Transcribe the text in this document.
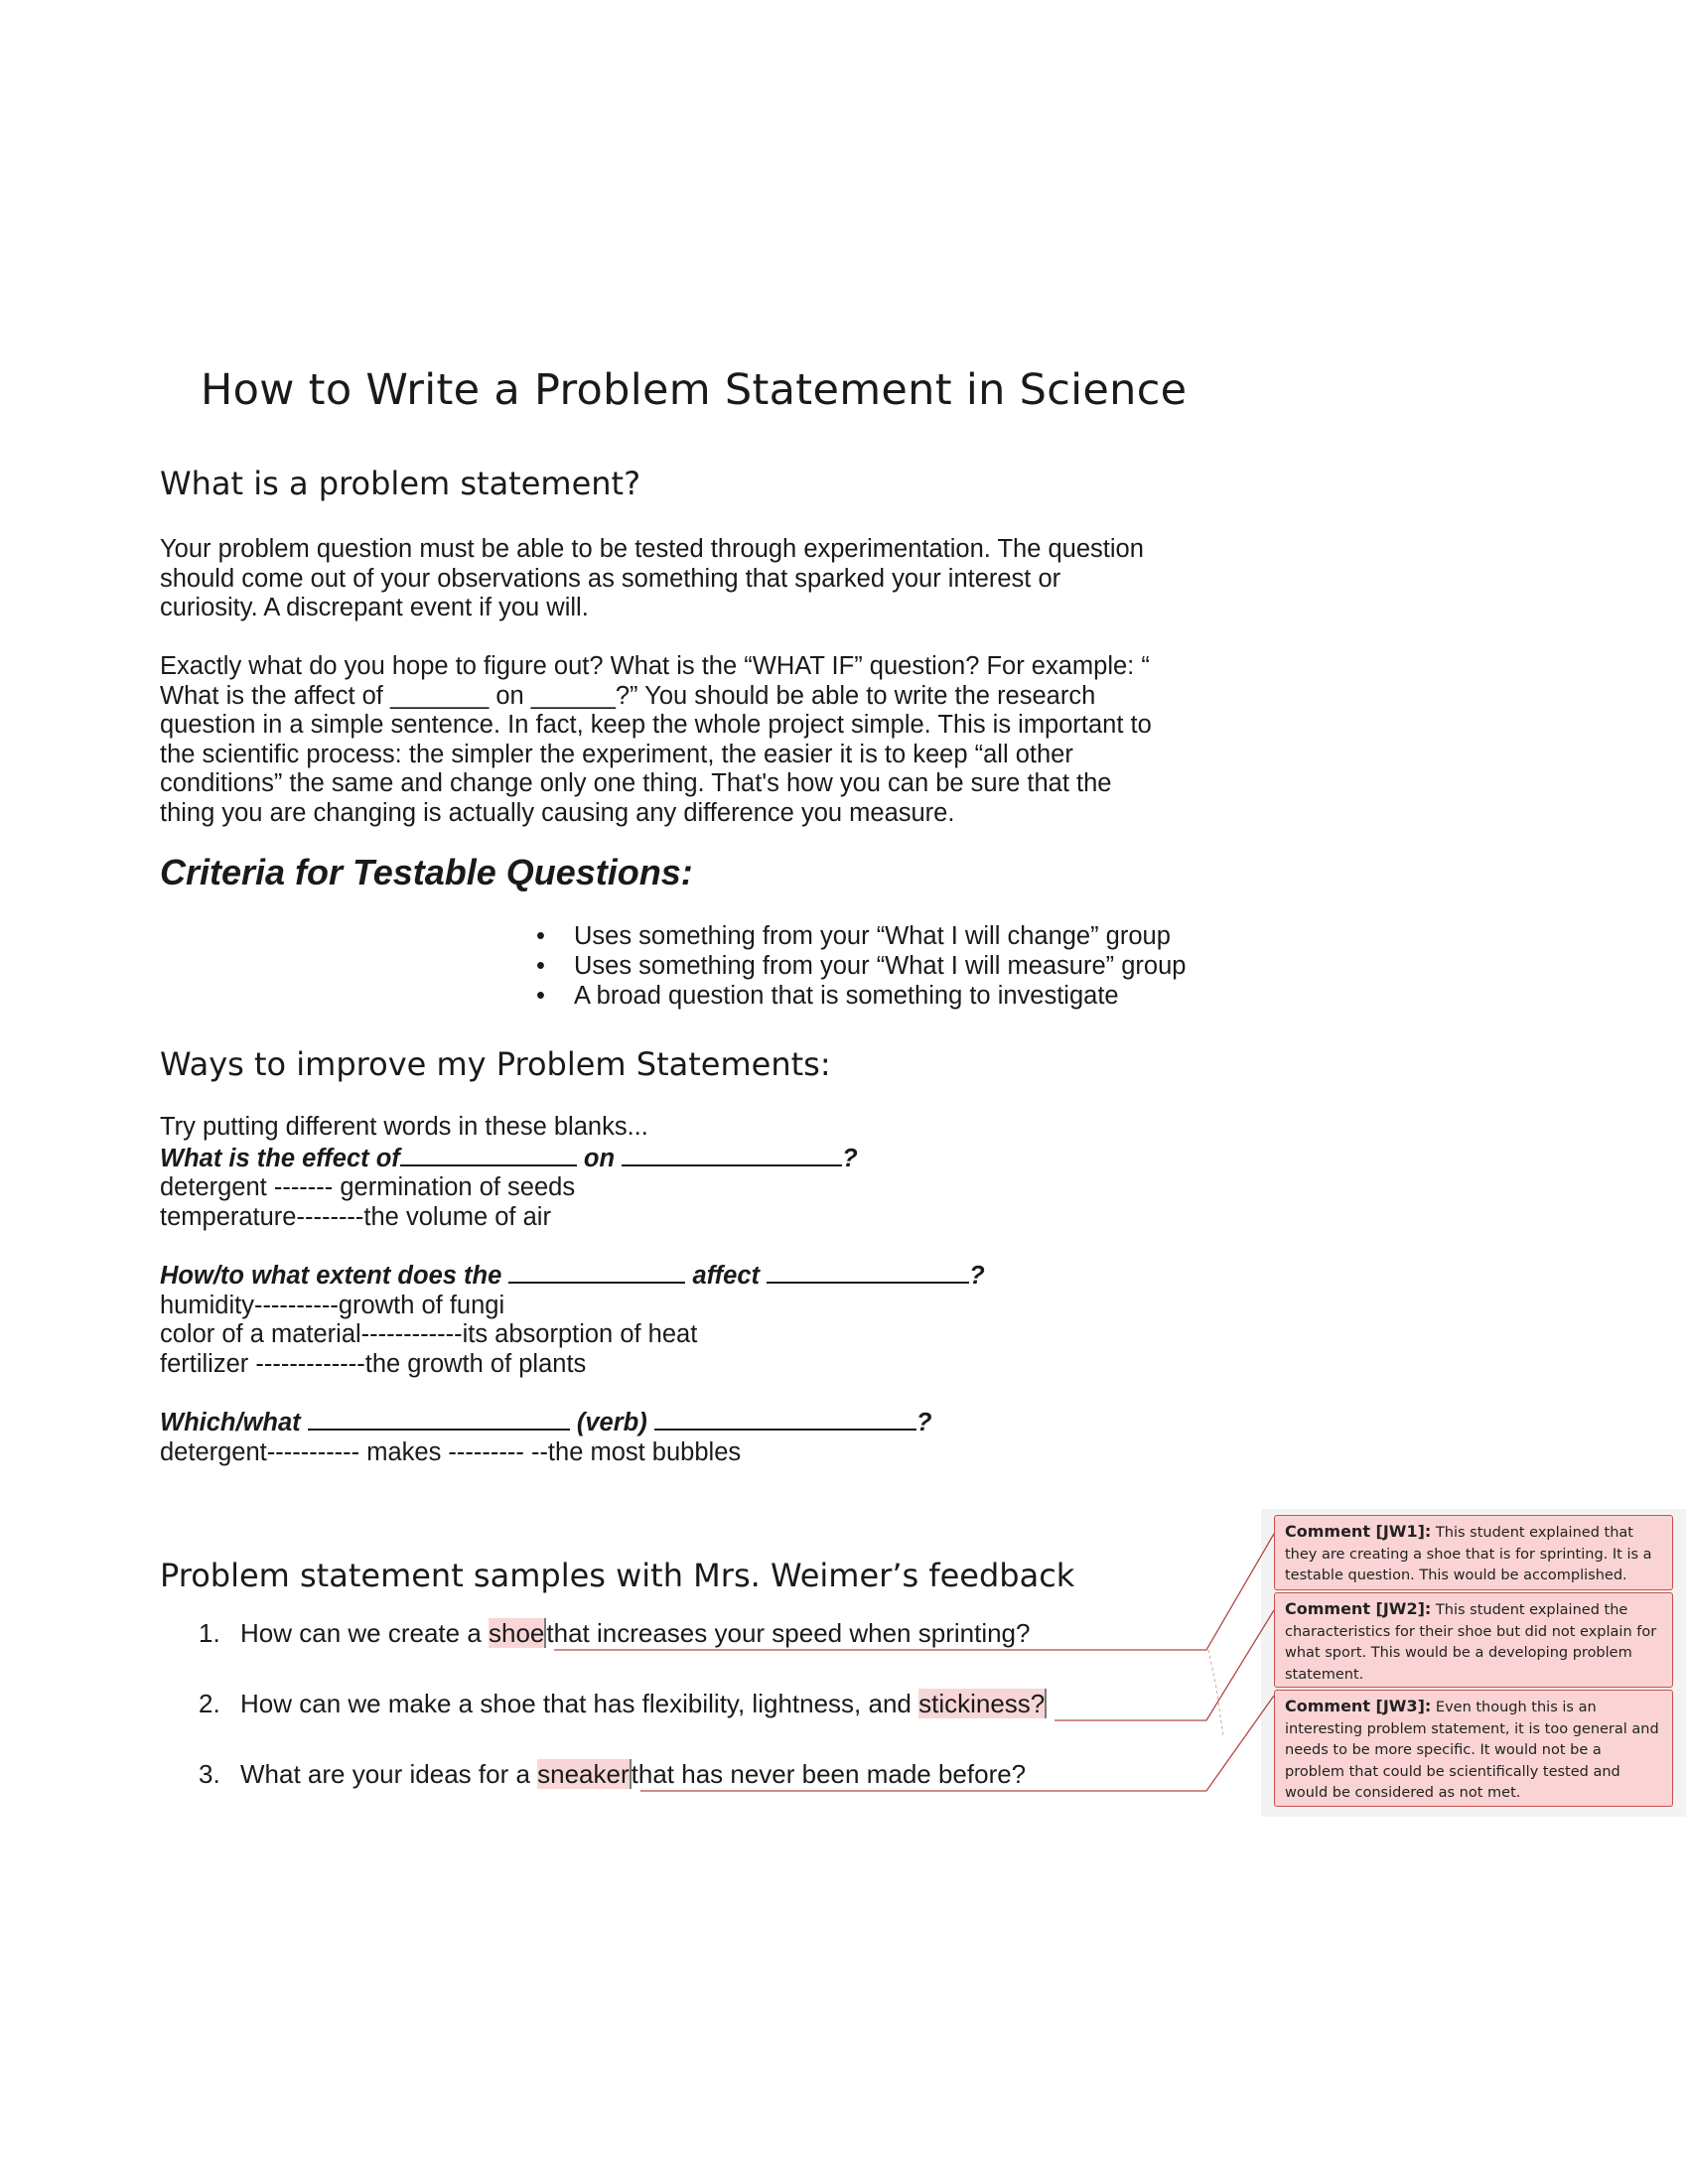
How to Write a Problem Statement in Science
What is a problem statement?

Your problem question must be able to be tested through experimentation. The question

should come out of your observations as something that sparked your interest or

curiosity. A discrepant event if you will.

Exactly what do you hope to figure out? What is the “WHAT IF” question? For example: “

What is the affect of _______ on ______?” You should be able to write the research

question in a simple sentence. In fact, keep the whole project simple. This is important to

the scientific process: the simpler the experiment, the easier it is to keep “all other

conditions” the same and change only one thing. That's how you can be sure that the

thing you are changing is actually causing any difference you measure.

Criteria for Testable Questions:
• Uses something from your “What I will change” group
• Uses something from your “What I will measure” group
• A broad question that is something to investigate
Ways to improve my Problem Statements:
Try putting different words in these blanks...
What is the effect of	on	?
detergent ------- germination of seeds
temperature--------the volume of air
How/to what extent does the	affect	?
humidity----------growth of fungi
color of a material------------its absorption of heat
fertilizer -------------the growth of plants
Which/what	(verb)	?
detergent----------- makes --------- --the most bubbles
Problem statement samples with Mrs. Weimer’s feedback
1. How can we create a shoethat increases your speed when sprinting?
2. How can we make a shoe that has flexibility, lightness, and stickiness?
3. What are your ideas for a sneakerthat has never been made before?
Comment [JW1]: This student explained that they are creating a shoe that is for sprinting. It is a testable question. This would be accomplished.
Comment [JW2]: This student explained the characteristics for their shoe but did not explain for what sport. This would be a developing problem statement.
Comment [JW3]: Even though this is an interesting problem statement, it is too general and needs to be more specific. It would not be a problem that could be scientifically tested and would be considered as not met.
